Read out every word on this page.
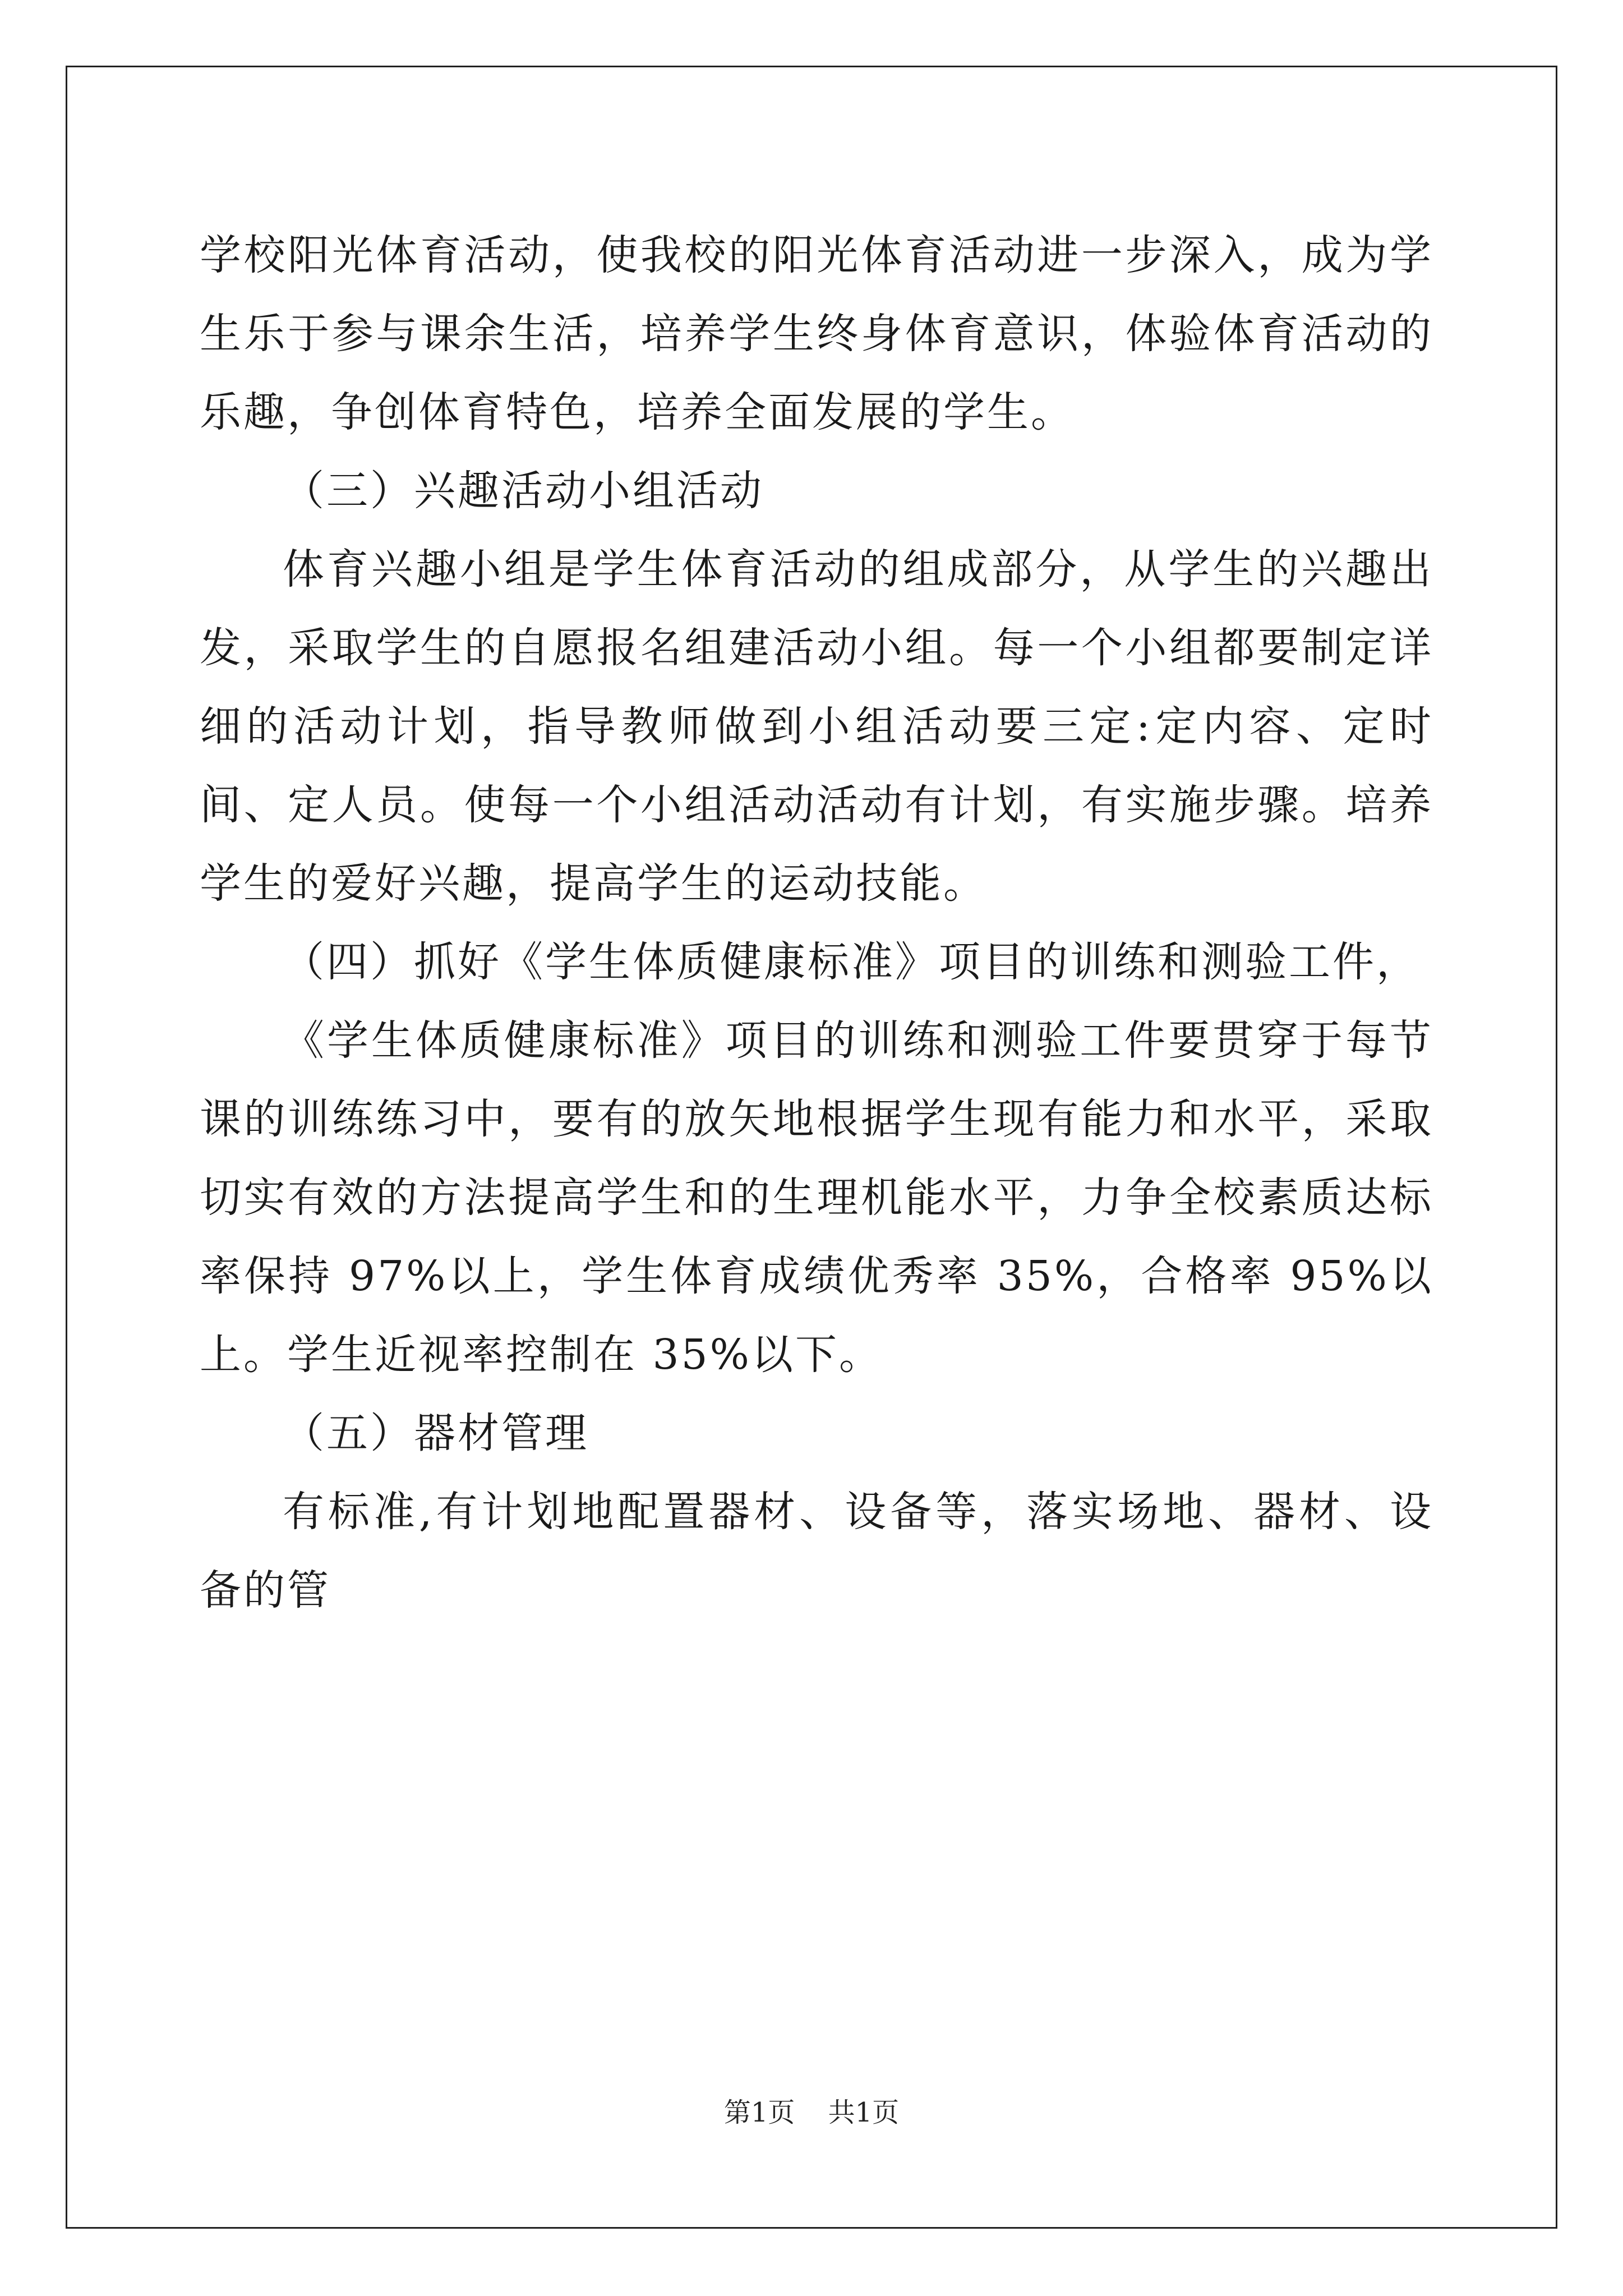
学校阳光体育活动，使我校的阳光体育活动进一步深入，成为学生乐于参与课余生活，培养学生终身体育意识，体验体育活动的乐趣，争创体育特色，培养全面发展的学生。

（三）兴趣活动小组活动

体育兴趣小组是学生体育活动的组成部分，从学生的兴趣出发，采取学生的自愿报名组建活动小组。每一个小组都要制定详细的活动计划，指导教师做到小组活动要三定:定内容、定时间、定人员。使每一个小组活动活动有计划，有实施步骤。培养学生的爱好兴趣，提高学生的运动技能。

（四）抓好《学生体质健康标准》项目的训练和测验工件，

《学生体质健康标准》项目的训练和测验工件要贯穿于每节课的训练练习中，要有的放矢地根据学生现有能力和水平，采取切实有效的方法提高学生和的生理机能水平，力争全校素质达标率保持 97%以上，学生体育成绩优秀率 35%，合格率 95%以上。学生近视率控制在 35%以下。

（五）器材管理

有标准,有计划地配置器材、设备等，落实场地、器材、设备的管

第1页 共1页
